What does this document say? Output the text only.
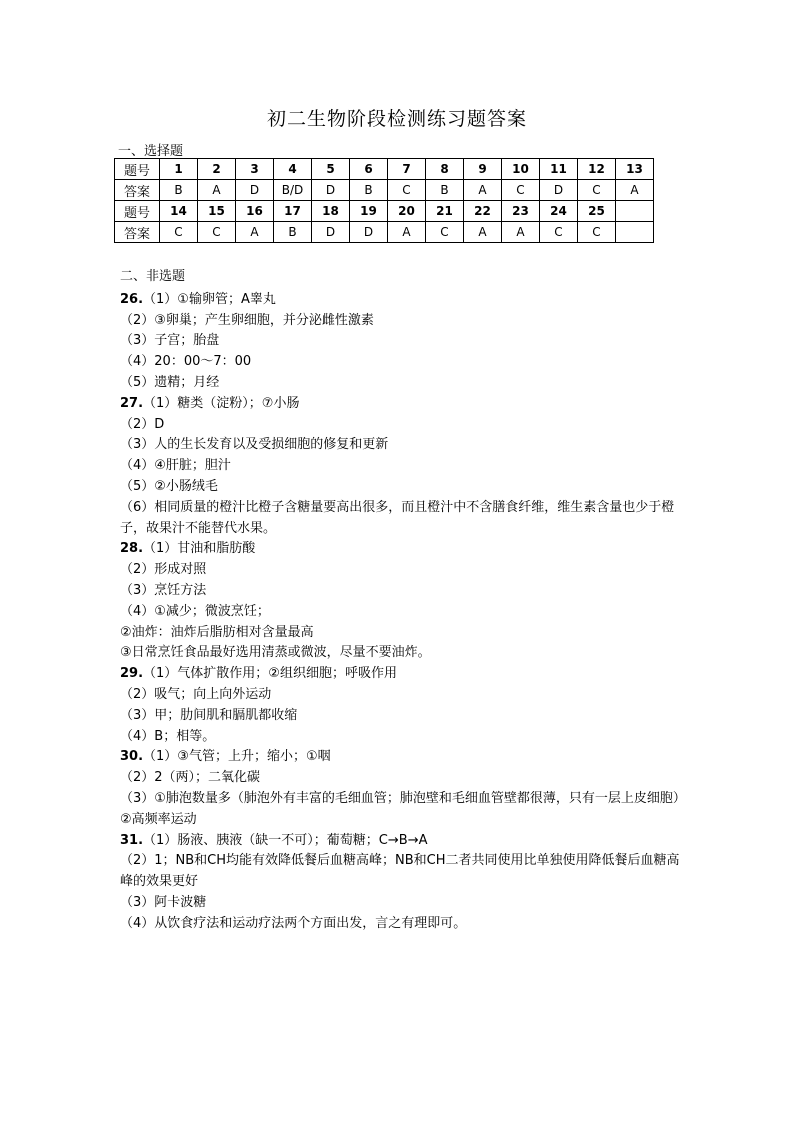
初二生物阶段检测练习题答案
一、选择题
题号	1	2	3	4	5	6	7	8	9	10	11	12	13
答案	B	A	D	B/D	D	B	C	B	A	C	D	C	A
题号	14	15	16	17	18	19	20	21	22	23	24	25	
答案	C	C	A	B	D	D	A	C	A	A	C	C	
二、非选题
26.（1）①输卵管；A睾丸
（2）③卵巢；产生卵细胞，并分泌雌性激素
（3）子宫；胎盘
（4）20：00～7：00
（5）遗精；月经
27.（1）糖类（淀粉）；⑦小肠
（2）D
（3）人的生长发育以及受损细胞的修复和更新
（4）④肝脏；胆汁
（5）②小肠绒毛
（6）相同质量的橙汁比橙子含糖量要高出很多，而且橙汁中不含膳食纤维，维生素含量也少于橙子，故果汁不能替代水果。
28.（1）甘油和脂肪酸
（2）形成对照
（3）烹饪方法
（4）①减少；微波烹饪；
②油炸：油炸后脂肪相对含量最高
③日常烹饪食品最好选用清蒸或微波，尽量不要油炸。
29.（1）气体扩散作用；②组织细胞；呼吸作用
（2）吸气；向上向外运动
（3）甲；肋间肌和膈肌都收缩
（4）B；相等。
30.（1）③气管；上升；缩小；①咽
（2）2（两）；二氧化碳
（3）①肺泡数量多（肺泡外有丰富的毛细血管；肺泡壁和毛细血管壁都很薄，只有一层上皮细胞）
②高频率运动
31.（1）肠液、胰液（缺一不可）；葡萄糖；C→B→A
（2）1；NB和CH均能有效降低餐后血糖高峰；NB和CH二者共同使用比单独使用降低餐后血糖高峰的效果更好
（3）阿卡波糖
（4）从饮食疗法和运动疗法两个方面出发，言之有理即可。
